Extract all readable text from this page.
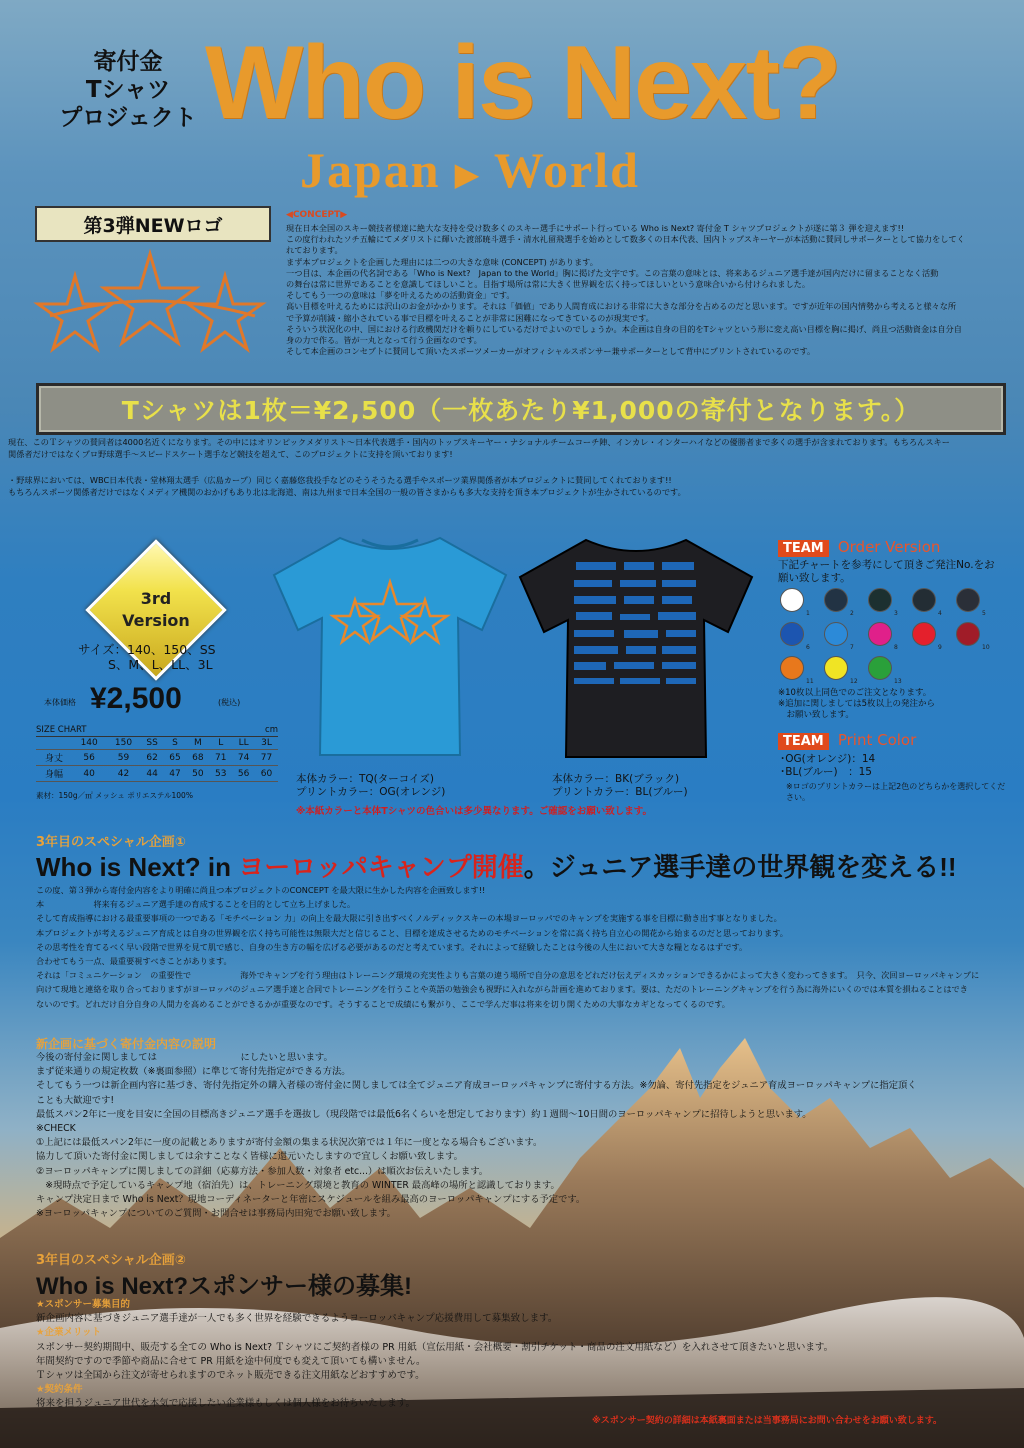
寄付金
Tシャツ
プロジェクト Who is Next?
Japan ▶ World
第3弾NEWロゴ	◀CONCEPT▶

現在日本全国のスキー競技者様達に絶大な支持を受け数多くのスキー選手にサポート行っている Who is Next? 寄付金 T シャツプロジェクトが遂に第３ 弾を迎えます!!

この度行われたソチ五輪にてメダリストに輝いた渡部暁斗選手・清水礼留飛選手を始めとして数多くの日本代表、国内トップスキーヤーが本活動に賛同しサポーターとして協力をしてく

れております。

まず本プロジェクトを企画した理由には二つの大きな意味 (CONCEPT) があります。

一つ目は、本企画の代名詞である「Who is Next?　Japan to the World」胸に掲げた文字です。この言葉の意味とは、将来あるジュニア選手達が国内だけに留まることなく活動

の舞台は常に世界であることを意識してほしいこと。目指す場所は常に大きく世界観を広く持ってほしいという意味合いから付けられました。

そしてもう一つの意味は「夢を叶えるための活動資金」です。

高い目標を叶えるためには沢山のお金がかかります。それは「価値」であり人間育成における非常に大きな部分を占めるのだと思います。ですが近年の国内情勢から考えると様々な所

で予算が削減・縮小されている事で目標を叶えることが非常に困難になってきているのが現実です。

そういう状況化の中、国における行政機関だけを頼りにしているだけでよいのでしょうか。本企画は自身の目的をTシャツという形に変え高い目標を胸に掲げ、尚且つ活動資金は自分自

身の力で作る。皆が一丸となって行う企画なのです。

そして本企画のコンセプトに賛同して頂いたスポーツメーカーがオフィシャルスポンサー兼サポーターとして背中にプリントされているのです。

Tシャツは1枚＝¥2,500（一枚あたり¥1,000の寄付となります。）

現在、このＴシャツの賛同者は4000名近くになります。その中にはオリンピックメダリスト～日本代表選手・国内のトップスキーヤー・ナショナルチームコーチ陣、インカレ・インターハイなどの優勝者まで多くの選手が含まれております。もちろんスキー

関係者だけではなくプロ野球選手～スピードスケート選手など競技を超えて、このプロジェクトに支持を頂いております!

・野球界においては、WBC日本代表・堂林翔太選手（広島カープ）同じく嘉藤悠我投手などのそうそうたる選手やスポーツ業界関係者が本プロジェクトに賛同してくれております!!

もちろんスポーツ関係者だけではなくメディア機関のおかげもあり北は北海道、南は九州まで日本全国の一般の皆さまからも多大な支持を頂き本プロジェクトが生かされているのです。

3rd
Version
サイズ：140、150、SS
S、M、L、LL、3L
本体価格 ¥2,500	(税込)
SIZE CHART	cm
	140	150	SS	S	M	L	LL	3L
身丈	56	59	62	65	68	71	74	77
身幅	40	42	44	47	50	53	56	60
素材：150g／㎡ メッシュ ポリエステル100%
本体カラー：TQ(ターコイズ)
プリントカラー：OG(オレンジ)
本体カラー：BK(ブラック)
プリントカラー：BL(ブルー)
※本紙カラーと本体Tシャツの色合いは多少異なります。ご確認をお願い致します。
TEAM Order Version
下記チャートを参考にして頂きご発注No.をお願い致します。
1	2	3	4	5
6	7	8	9	10
11	12	13
※10枚以上同色でのご注文となります。
※追加に関しましては5枚以上の発注から
　お願い致します。
TEAM Print Color
･OG(オレンジ)：14
･BL(ブルー)　：15
※ロゴのプリントカラーは上記2色のどちらかを選択してください。
3年目のスペシャル企画①
Who is Next? in ヨーロッパキャンプ開催。ジュニア選手達の世界観を変える!!

この度、第３弾から寄付金内容をより明確に尚且つ本プロジェクトのCONCEPT を最大限に生かした内容を企画致します!!

本　　　　　　将来有るジュニア選手達の育成することを目的として立ち上げました。

そして育成指導における最重要事項の一つである「モチベーション 力」の向上を最大限に引き出すべくノルディックスキーの本場ヨーロッパでのキャンプを実施する事を目標に動き出す事となりました。

本プロジェクトが考えるジュニア育成とは自身の世界観を広く持ち可能性は無限大だと信じること、目標を達成させるためのモチベーションを常に高く持ち自立心の開花から始まるのだと思っております。

その思考性を育てるべく早い段階で世界を見て肌で感じ、自身の生き方の幅を広げる必要があるのだと考えています。それによって経験したことは今後の人生において大きな糧となるはずです。

合わせてもう一点、最重要視すべきことがあります。

それは「コミュニケーション　の重要性で　　　　　　海外でキャンプを行う理由はトレーニング環境の充実性よりも言葉の違う場所で自分の意思をどれだけ伝えディスカッションできるかによって大きく変わってきます。　只今、次回ヨーロッパキャンプに

向けて現地と連絡を取り合っておりますがヨーロッパのジュニア選手達と合同でトレーニングを行うことや英語の勉強会も視野に入れながら計画を進めております。要は、ただのトレーニングキャンプを行う為に海外にいくのでは本質を損ねることはでき

ないのです。どれだけ自分自身の人間力を高めることができるかが重要なのです。そうすることで成績にも繋がり、ここで学んだ事は将来を切り開くための大事なカギとなってくるのです。

新企画に基づく寄付金内容の説明

今後の寄付金に関しましては　　　　　　　　　にしたいと思います。

まず従来通りの規定枚数（※裏面参照）に準じて寄付先指定ができる方法。

そしてもう一つは新企画内容に基づき、寄付先指定外の購入者様の寄付金に関しましては全てジュニア育成ヨーロッパキャンプに寄付する方法。※勿論、寄付先指定をジュニア育成ヨーロッパキャンプに指定頂く

ことも大歓迎です!

最低スパン2年に一度を目安に全国の目標高きジュニア選手を選抜し（現段階では最低6名くらいを想定しております）約１週間～10日間のヨーロッパキャンプに招待しようと思います。

※CHECK

①上記には最低スパン2年に一度の記載とありますが寄付金額の集まる状況次第では１年に一度となる場合もございます。

協力して頂いた寄付金に関しましては余すことなく皆様に還元いたしますので宜しくお願い致します。

②ヨーロッパキャンプに関しましての詳細（応募方法・参加人数・対象者 etc...）は順次お伝えいたします。

　※現時点で予定しているキャンプ地（宿泊先）は、トレーニング環境と教育の WINTER 最高峰の場所と認識しております。

キャンプ決定日まで Who is Next？現地コーディネーターと年密にスケジュールを組み最高のヨーロッパキャンプにする予定です。

※ヨーロッパキャンプについてのご質問・お問合せは事務局内田宛でお願い致します。

3年目のスペシャル企画②
Who is Next?スポンサー様の募集!

★スポンサー募集目的

新企画内容に基づきジュニア選手達が一人でも多く世界を経験できるようヨーロッパキャンプ応援費用して募集致します。

★企業メリット

スポンサー契約期間中、販売する全ての Who is Next? Ｔシャツにご契約者様の PR 用紙（宣伝用紙・会社概要・割引チケット・商品の注文用紙など）を入れさせて頂きたいと思います。

年間契約ですので季節や商品に合せて PR 用紙を途中何度でも変えて頂いても構いません。

Ｔシャツは全国から注文が寄せられますのでネット販売できる注文用紙などおすすめです。

★契約条件

将来を担うジュニア世代を本気で応援したい企業様もしくは個人様をお待ちいたします。

※スポンサー契約の詳細は本紙裏面または当事務局にお問い合わせをお願い致します。
